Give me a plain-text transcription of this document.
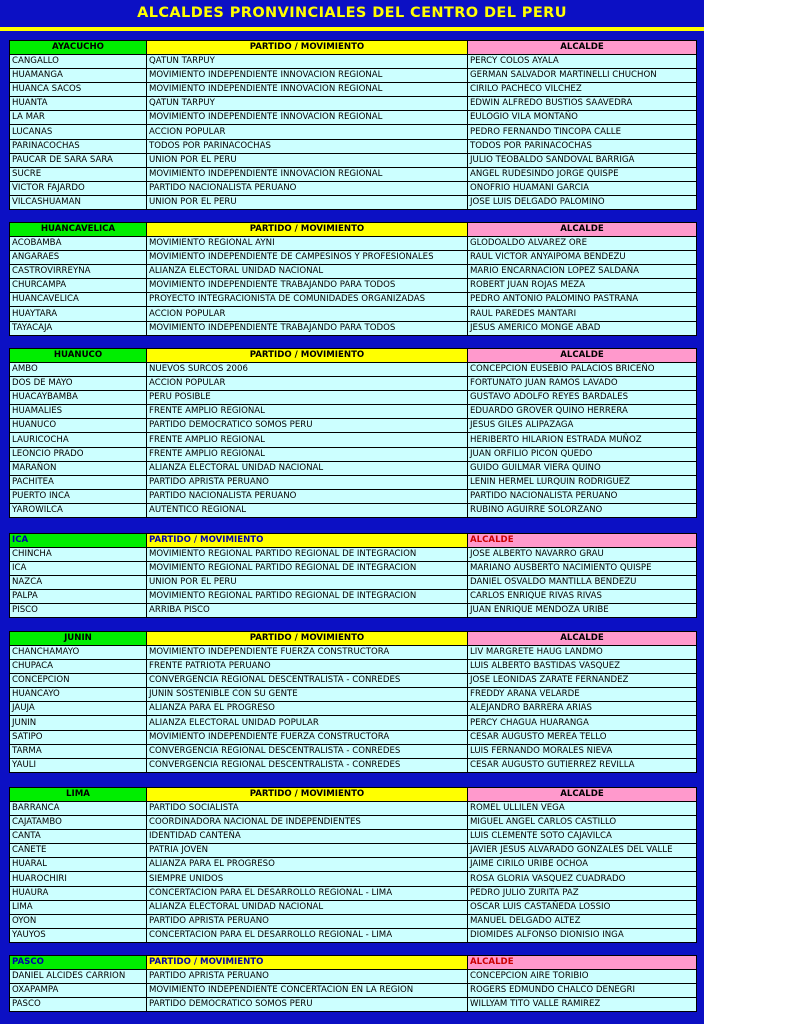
ALCALDES PRONVINCIALES DEL CENTRO DEL PERU
AYACUCHO	PARTIDO / MOVIMIENTO	ALCALDE
CANGALLO	QATUN TARPUY	PERCY COLOS AYALA
HUAMANGA	MOVIMIENTO INDEPENDIENTE INNOVACION REGIONAL	GERMAN SALVADOR MARTINELLI CHUCHON
HUANCA SACOS	MOVIMIENTO INDEPENDIENTE INNOVACION REGIONAL	CIRILO PACHECO VILCHEZ
HUANTA	QATUN TARPUY	EDWIN ALFREDO BUSTIOS SAAVEDRA
LA MAR	MOVIMIENTO INDEPENDIENTE INNOVACION REGIONAL	EULOGIO VILA MONTAÑO
LUCANAS	ACCION POPULAR	PEDRO FERNANDO TINCOPA CALLE
PARINACOCHAS	TODOS POR PARINACOCHAS	TODOS POR PARINACOCHAS
PAUCAR DE SARA SARA	UNION POR EL PERU	JULIO TEOBALDO SANDOVAL BARRIGA
SUCRE	MOVIMIENTO INDEPENDIENTE INNOVACION REGIONAL	ANGEL RUDESINDO JORGE QUISPE
VICTOR FAJARDO	PARTIDO NACIONALISTA PERUANO	ONOFRIO HUAMANI GARCIA
VILCASHUAMAN	UNION POR EL PERU	JOSE LUIS DELGADO PALOMINO
HUANCAVELICA	PARTIDO / MOVIMIENTO	ALCALDE
ACOBAMBA	MOVIMIENTO REGIONAL AYNI	GLODOALDO ALVAREZ ORE
ANGARAES	MOVIMIENTO INDEPENDIENTE DE CAMPESINOS Y PROFESIONALES	RAUL VICTOR ANYAIPOMA BENDEZU
CASTROVIRREYNA	ALIANZA ELECTORAL UNIDAD NACIONAL	MARIO ENCARNACION LOPEZ SALDAÑA
CHURCAMPA	MOVIMIENTO INDEPENDIENTE TRABAJANDO PARA TODOS	ROBERT JUAN ROJAS MEZA
HUANCAVELICA	PROYECTO INTEGRACIONISTA DE COMUNIDADES ORGANIZADAS	PEDRO ANTONIO PALOMINO PASTRANA
HUAYTARA	ACCION POPULAR	RAUL PAREDES MANTARI
TAYACAJA	MOVIMIENTO INDEPENDIENTE TRABAJANDO PARA TODOS	JESUS AMERICO MONGE ABAD
HUANUCO	PARTIDO / MOVIMIENTO	ALCALDE
AMBO	NUEVOS SURCOS 2006	CONCEPCION EUSEBIO PALACIOS BRICEÑO
DOS DE MAYO	ACCION POPULAR	FORTUNATO JUAN RAMOS LAVADO
HUACAYBAMBA	PERU POSIBLE	GUSTAVO ADOLFO REYES BARDALES
HUAMALIES	FRENTE AMPLIO REGIONAL	EDUARDO GROVER QUINO HERRERA
HUANUCO	PARTIDO DEMOCRATICO SOMOS PERU	JESUS GILES ALIPAZAGA
LAURICOCHA	FRENTE AMPLIO REGIONAL	HERIBERTO HILARION ESTRADA MUÑOZ
LEONCIO PRADO	FRENTE AMPLIO REGIONAL	JUAN ORFILIO PICON QUEDO
MARAÑON	ALIANZA ELECTORAL UNIDAD NACIONAL	GUIDO GUILMAR VIERA QUINO
PACHITEA	PARTIDO APRISTA PERUANO	LENIN HERMEL LURQUIN RODRIGUEZ
PUERTO INCA	PARTIDO NACIONALISTA PERUANO	PARTIDO NACIONALISTA PERUANO
YAROWILCA	AUTENTICO REGIONAL	RUBINO AGUIRRE SOLORZANO
ICA	PARTIDO / MOVIMIENTO	ALCALDE
CHINCHA	MOVIMIENTO REGIONAL PARTIDO REGIONAL DE INTEGRACION	JOSE ALBERTO NAVARRO GRAU
ICA	MOVIMIENTO REGIONAL PARTIDO REGIONAL DE INTEGRACION	MARIANO AUSBERTO NACIMIENTO QUISPE
NAZCA	UNION POR EL PERU	DANIEL OSVALDO MANTILLA BENDEZU
PALPA	MOVIMIENTO REGIONAL PARTIDO REGIONAL DE INTEGRACION	CARLOS ENRIQUE RIVAS RIVAS
PISCO	ARRIBA PISCO	JUAN ENRIQUE MENDOZA URIBE
JUNIN	PARTIDO / MOVIMIENTO	ALCALDE
CHANCHAMAYO	MOVIMIENTO INDEPENDIENTE FUERZA CONSTRUCTORA	LIV MARGRETE HAUG LANDMO
CHUPACA	FRENTE PATRIOTA PERUANO	LUIS ALBERTO BASTIDAS VASQUEZ
CONCEPCION	CONVERGENCIA REGIONAL DESCENTRALISTA - CONREDES	JOSE LEONIDAS ZARATE FERNANDEZ
HUANCAYO	JUNIN SOSTENIBLE CON SU GENTE	FREDDY ARANA VELARDE
JAUJA	ALIANZA PARA EL PROGRESO	ALEJANDRO BARRERA ARIAS
JUNIN	ALIANZA ELECTORAL UNIDAD POPULAR	PERCY CHAGUA HUARANGA
SATIPO	MOVIMIENTO INDEPENDIENTE FUERZA CONSTRUCTORA	CESAR AUGUSTO MEREA TELLO
TARMA	CONVERGENCIA REGIONAL DESCENTRALISTA - CONREDES	LUIS FERNANDO MORALES NIEVA
YAULI	CONVERGENCIA REGIONAL DESCENTRALISTA - CONREDES	CESAR AUGUSTO GUTIERREZ REVILLA
LIMA	PARTIDO / MOVIMIENTO	ALCALDE
BARRANCA	PARTIDO SOCIALISTA	ROMEL ULLILEN VEGA
CAJATAMBO	COORDINADORA NACIONAL DE INDEPENDIENTES	MIGUEL ANGEL CARLOS CASTILLO
CANTA	IDENTIDAD CANTEÑA	LUIS CLEMENTE SOTO CAJAVILCA
CAÑETE	PATRIA JOVEN	JAVIER JESUS ALVARADO GONZALES DEL VALLE
HUARAL	ALIANZA PARA EL PROGRESO	JAIME CIRILO URIBE OCHOA
HUAROCHIRI	SIEMPRE UNIDOS	ROSA GLORIA VASQUEZ CUADRADO
HUAURA	CONCERTACION PARA EL DESARROLLO REGIONAL - LIMA	PEDRO JULIO ZURITA PAZ
LIMA	ALIANZA ELECTORAL UNIDAD NACIONAL	OSCAR LUIS CASTAÑEDA LOSSIO
OYON	PARTIDO APRISTA PERUANO	MANUEL DELGADO ALTEZ
YAUYOS	CONCERTACION PARA EL DESARROLLO REGIONAL - LIMA	DIOMIDES ALFONSO DIONISIO INGA
PASCO	PARTIDO / MOVIMIENTO	ALCALDE
DANIEL ALCIDES CARRION	PARTIDO APRISTA PERUANO	CONCEPCION AIRE TORIBIO
OXAPAMPA	MOVIMIENTO INDEPENDIENTE CONCERTACION EN LA REGION	ROGERS EDMUNDO CHALCO DENEGRI
PASCO	PARTIDO DEMOCRATICO SOMOS PERU	WILLYAM TITO VALLE RAMIREZ
